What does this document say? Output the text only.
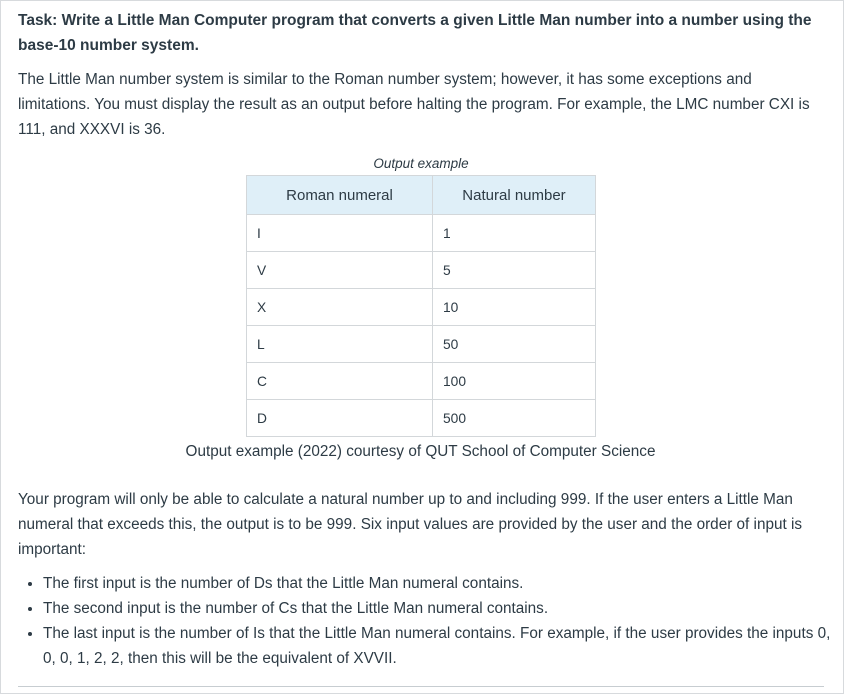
Task: Write a Little Man Computer program that converts a given Little Man number into a number using the base-10 number system.
The Little Man number system is similar to the Roman number system; however, it has some exceptions and limitations. You must display the result as an output before halting the program. For example, the LMC number CXI is 111, and XXXVI is 36.
Output example
Roman numeral	Natural number
I	1
V	5
X	10
L	50
C	100
D	500
Output example (2022) courtesy of QUT School of Computer Science
Your program will only be able to calculate a natural number up to and including 999. If the user enters a Little Man numeral that exceeds this, the output is to be 999. Six input values are provided by the user and the order of input is important:
• The first input is the number of Ds that the Little Man numeral contains.
• The second input is the number of Cs that the Little Man numeral contains.
• The last input is the number of Is that the Little Man numeral contains. For example, if the user provides the inputs 0, 0, 0, 1, 2, 2, then this will be the equivalent of XVVII.
